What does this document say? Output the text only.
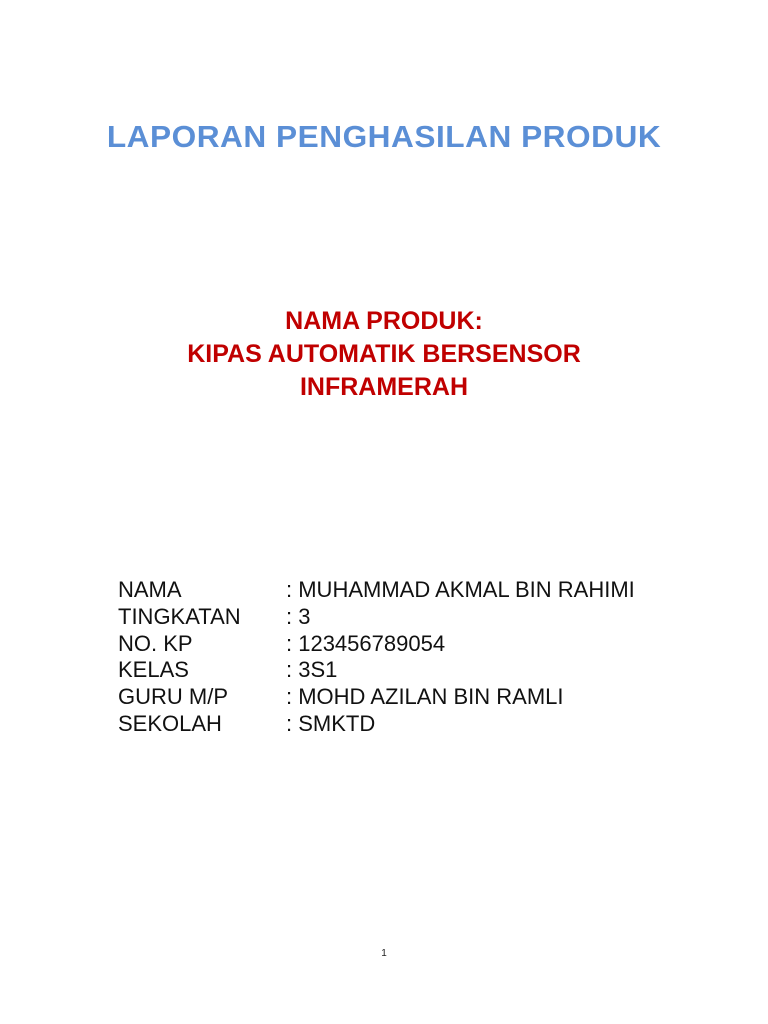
LAPORAN PENGHASILAN PRODUK
NAMA PRODUK:
KIPAS AUTOMATIK BERSENSOR
INFRAMERAH
NAMA	: MUHAMMAD AKMAL BIN RAHIMI
TINGKATAN	: 3
NO. KP	: 123456789054
KELAS	: 3S1
GURU M/P	: MOHD AZILAN BIN RAMLI
SEKOLAH	: SMKTD
1
